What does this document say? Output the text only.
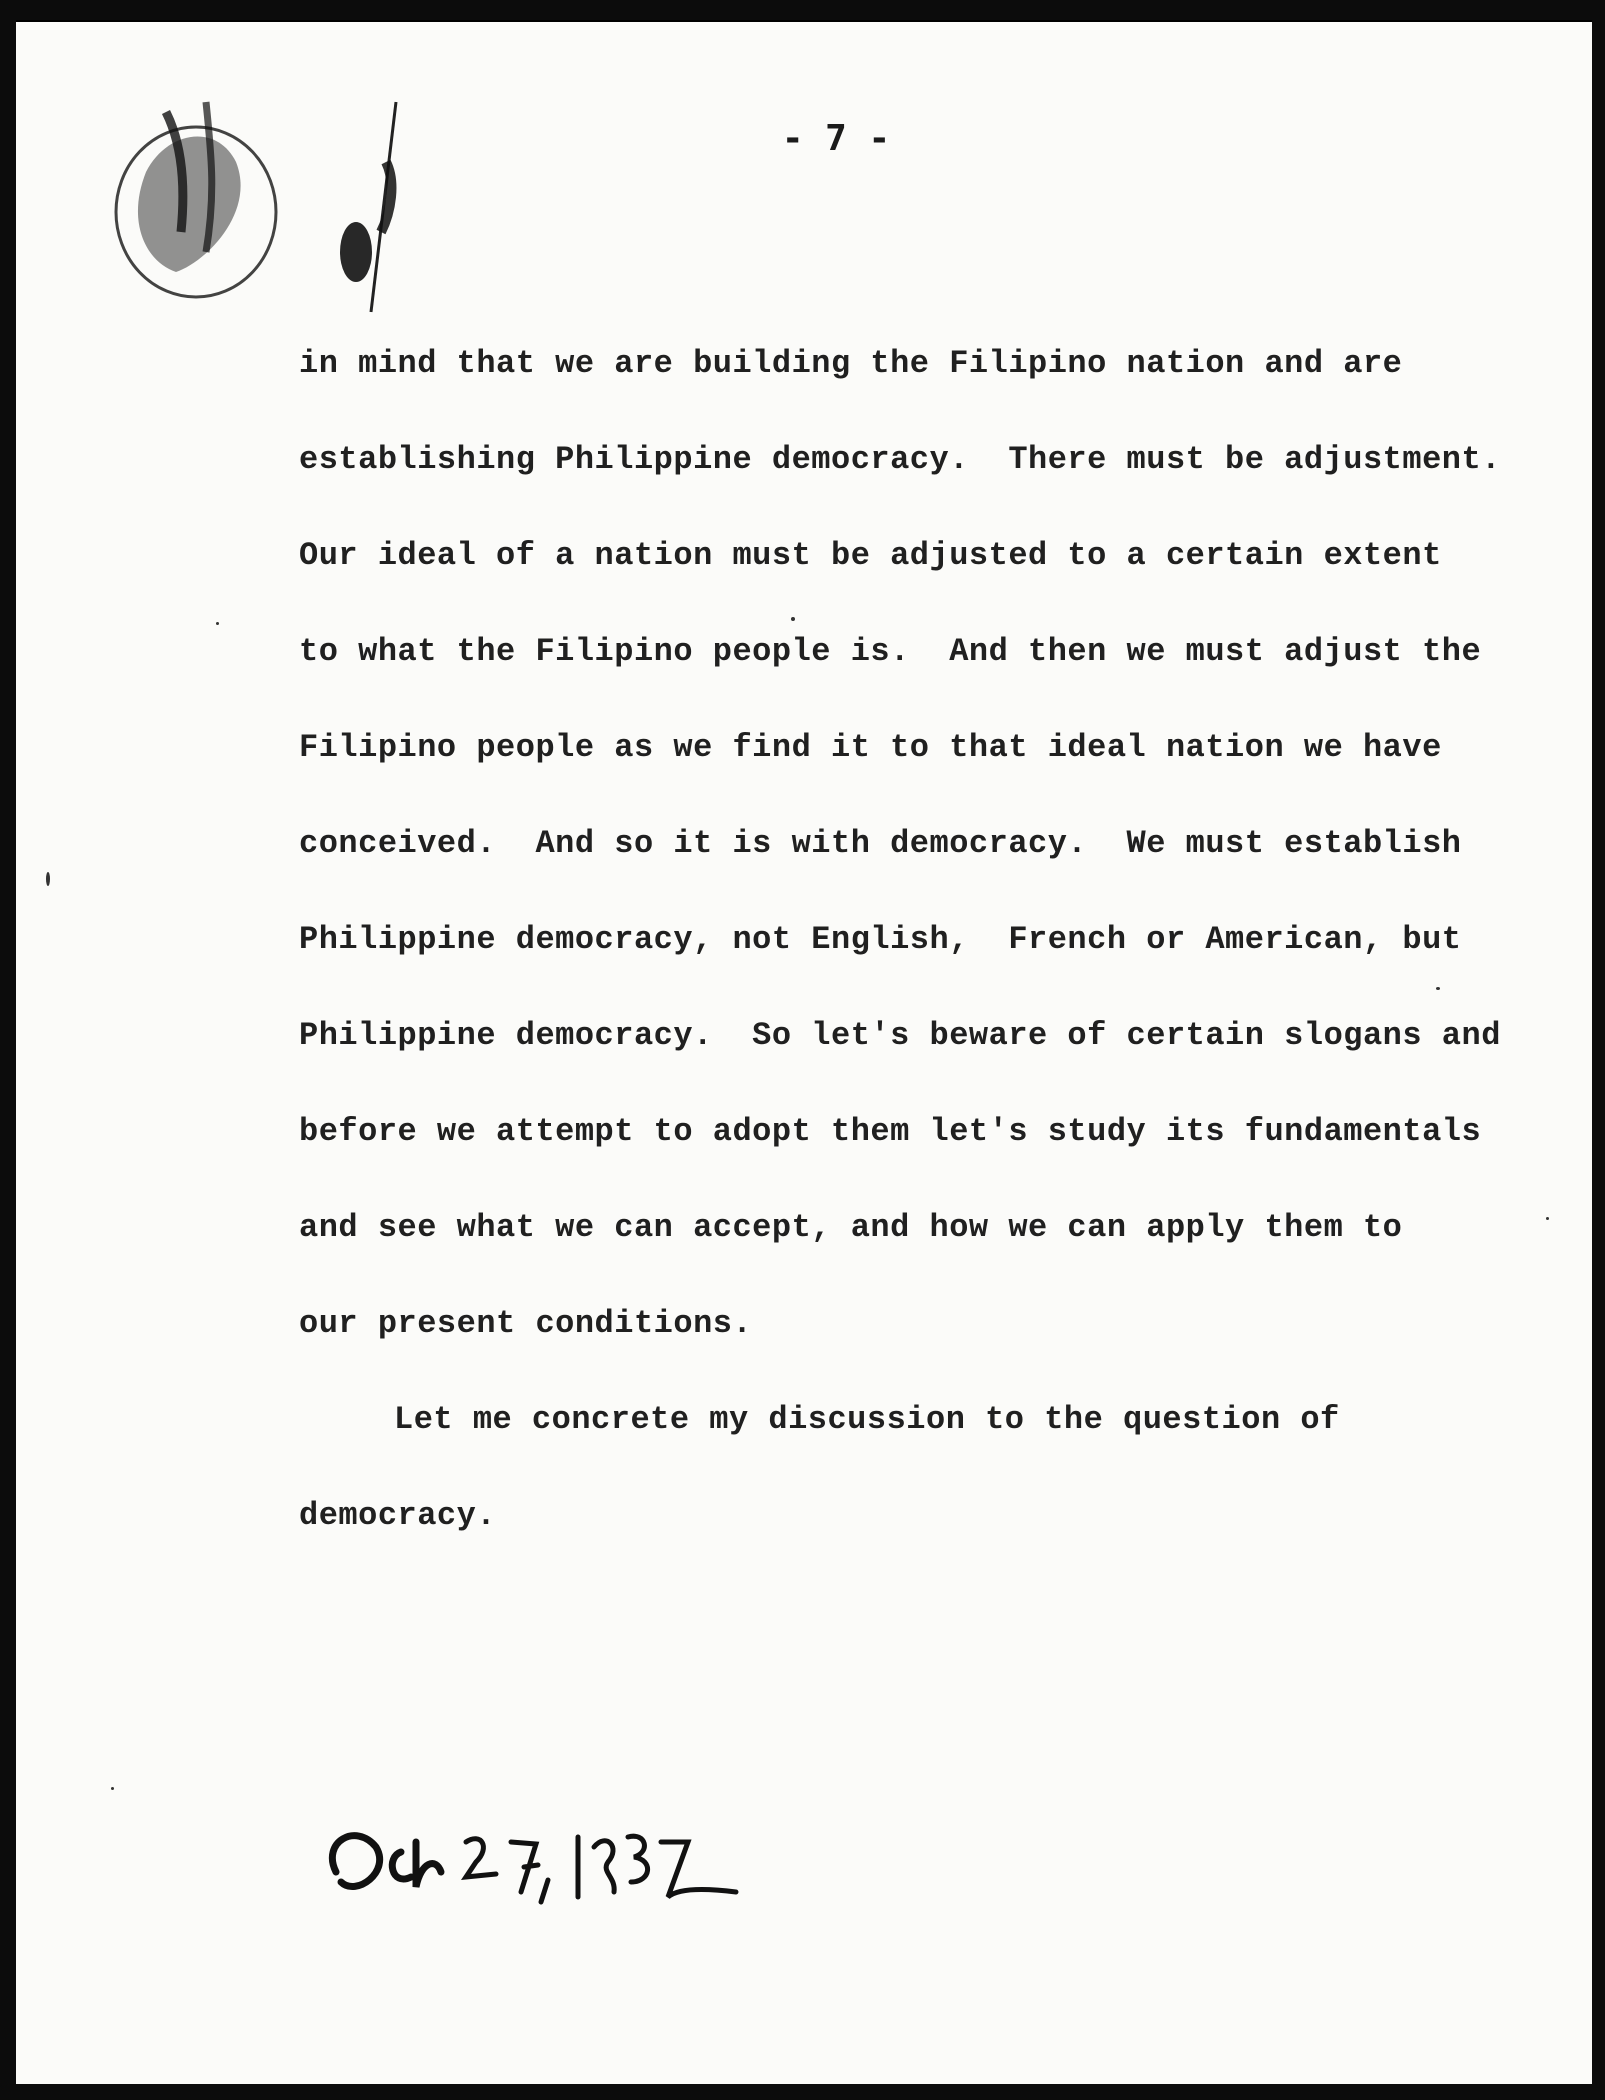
- 7 -
in mind that we are building the Filipino nation and are
establishing Philippine democracy.  There must be adjustment.
Our ideal of a nation must be adjusted to a certain extent
to what the Filipino people is.  And then we must adjust the
Filipino people as we find it to that ideal nation we have
conceived.  And so it is with democracy.  We must establish
Philippine democracy, not English,  French or American, but
Philippine democracy.  So let's beware of certain slogans and
before we attempt to adopt them let's study its fundamentals
and see what we can accept, and how we can apply them to
our present conditions.
Let me concrete my discussion to the question of
democracy.
